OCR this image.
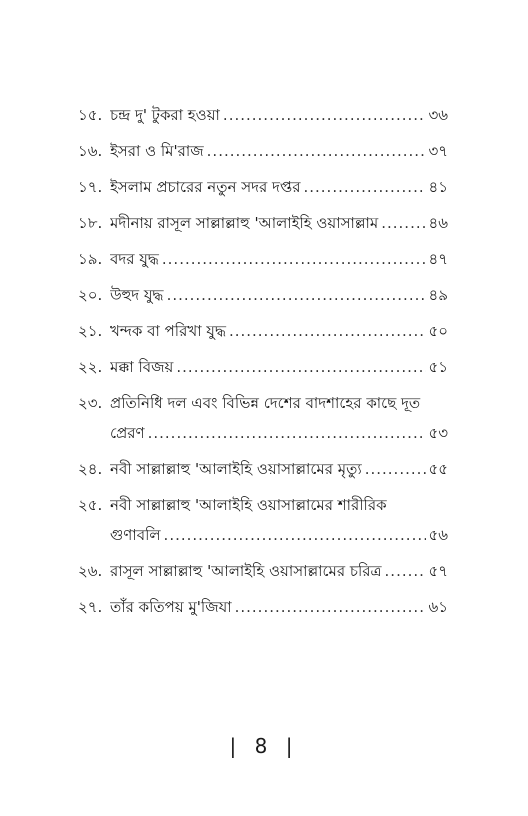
১৫. চন্দ্র দু' টুকরা হওয়া .....	৩৬
১৬. ইসরা ও মি'রাজ .....	৩৭
১৭. ইসলাম প্রচারের নতুন সদর দপ্তর .....	৪১
১৮. মদীনায় রাসূল সাল্লাল্লাহু 'আলাইহি ওয়াসাল্লাম .....	৪৬
১৯. বদর যুদ্ধ .....	৪৭
২০. উহুদ যুদ্ধ .....	৪৯
২১. খন্দক বা পরিখা যুদ্ধ .....	৫০
২২. মক্কা বিজয় .....	৫১
২৩. প্রতিনিধি দল এবং বিভিন্ন দেশের বাদশাহের কাছে দূত
প্রেরণ .....	৫৩
২৪. নবী সাল্লাল্লাহু 'আলাইহি ওয়াসাল্লামের মৃত্যু .....	৫৫
২৫. নবী সাল্লাল্লাহু 'আলাইহি ওয়াসাল্লামের শারীরিক
গুণাবলি .....	৫৬
২৬. রাসূল সাল্লাল্লাহু 'আলাইহি ওয়াসাল্লামের চরিত্র .....	৫৭
২৭. তাঁর কতিপয় মু'জিযা .....	৬১
| 8 |
